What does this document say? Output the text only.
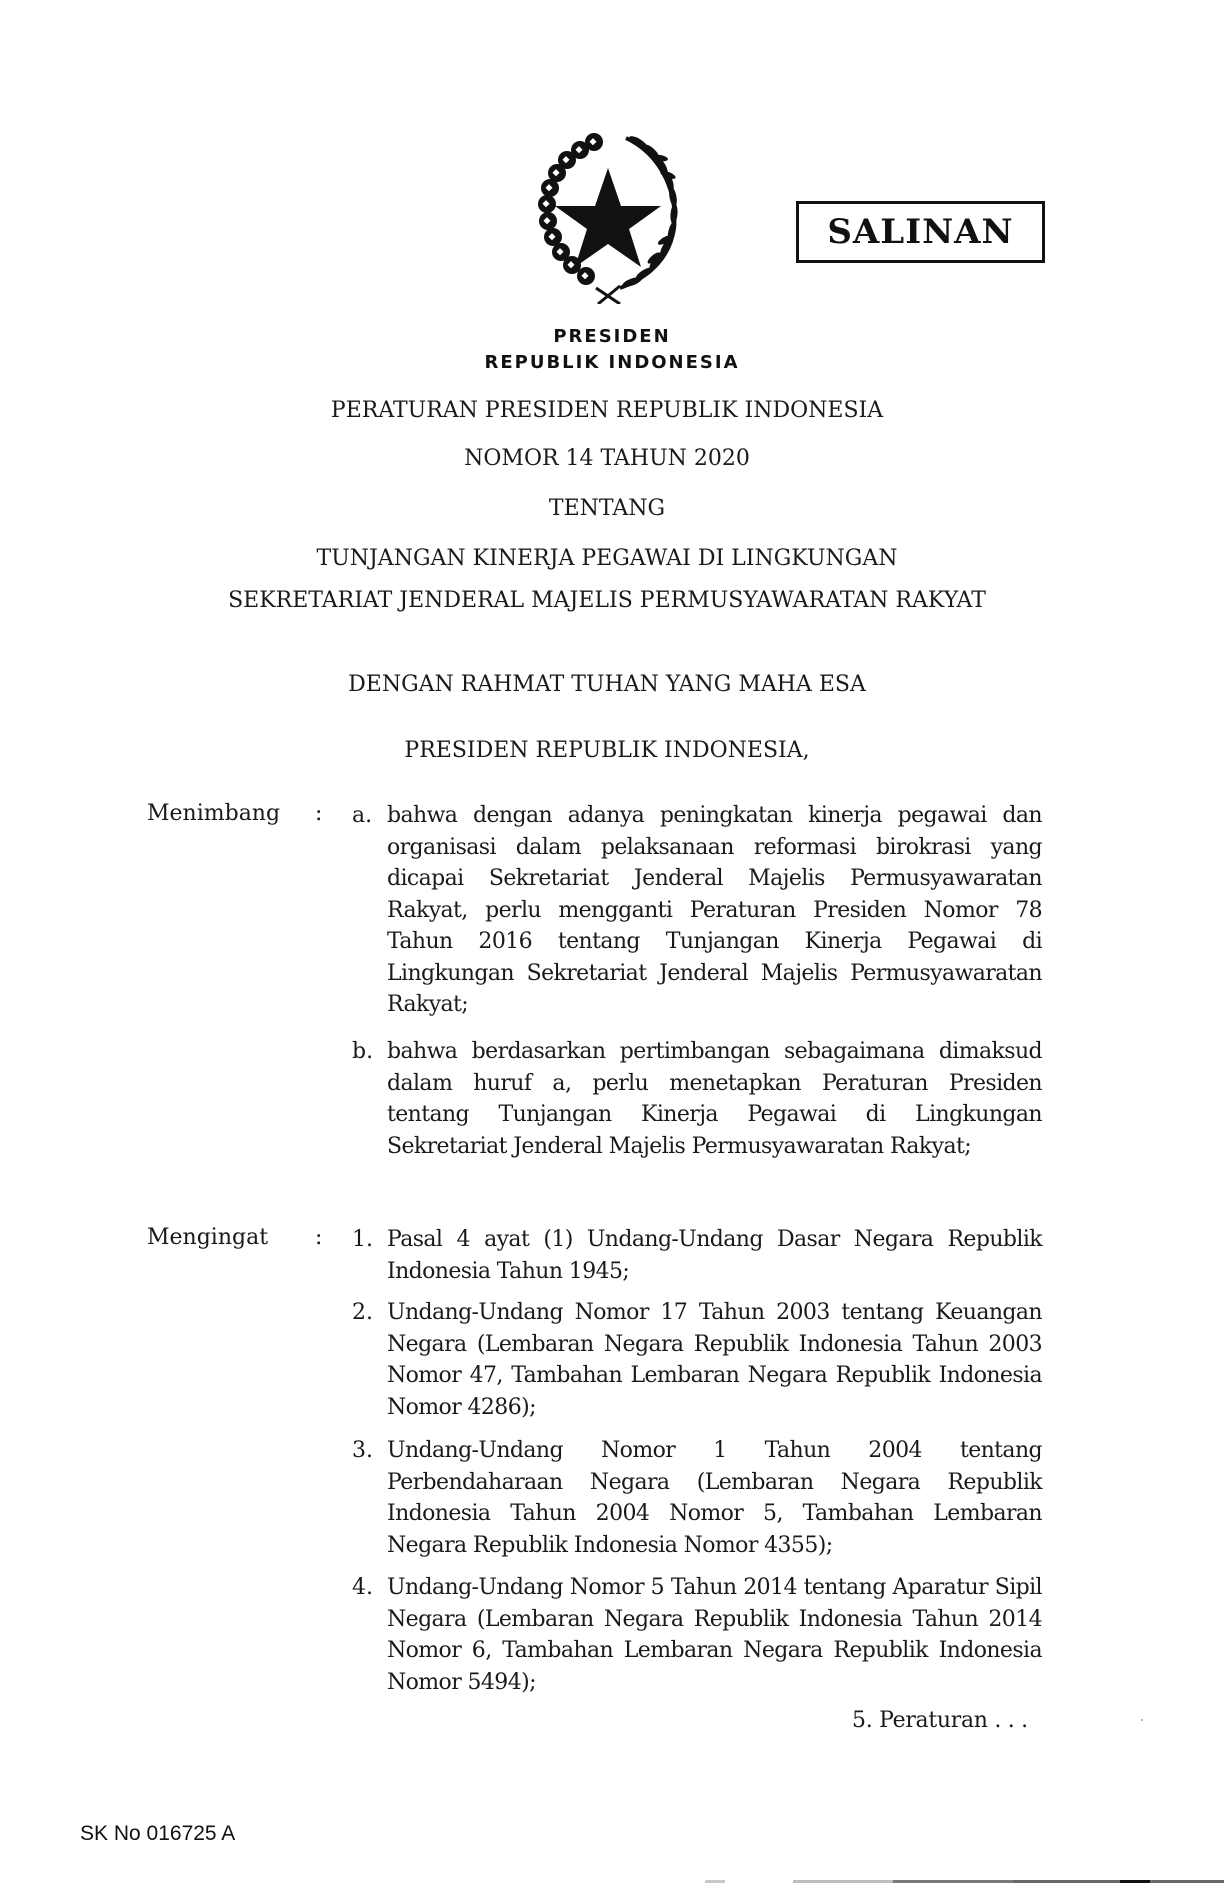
SALINAN
PRESIDEN
REPUBLIK INDONESIA
PERATURAN PRESIDEN REPUBLIK INDONESIA
NOMOR 14 TAHUN 2020
TENTANG
TUNJANGAN KINERJA PEGAWAI DI LINGKUNGAN
SEKRETARIAT JENDERAL MAJELIS PERMUSYAWARATAN RAKYAT
DENGAN RAHMAT TUHAN YANG MAHA ESA
PRESIDEN REPUBLIK INDONESIA,
Menimbang : a. bahwa dengan adanya peningkatan kinerja pegawai dan organisasi dalam pelaksanaan reformasi birokrasi yang dicapai Sekretariat Jenderal Majelis Permusyawaratan Rakyat, perlu mengganti Peraturan Presiden Nomor 78 Tahun 2016 tentang Tunjangan Kinerja Pegawai di Lingkungan Sekretariat Jenderal Majelis Permusyawaratan Rakyat;
b. bahwa berdasarkan pertimbangan sebagaimana dimaksud dalam huruf a, perlu menetapkan Peraturan Presiden tentang Tunjangan Kinerja Pegawai di Lingkungan Sekretariat Jenderal Majelis Permusyawaratan Rakyat;
Mengingat : 1. Pasal 4 ayat (1) Undang-Undang Dasar Negara Republik Indonesia Tahun 1945;
2. Undang-Undang Nomor 17 Tahun 2003 tentang Keuangan Negara (Lembaran Negara Republik Indonesia Tahun 2003 Nomor 47, Tambahan Lembaran Negara Republik Indonesia Nomor 4286);
3. Undang-Undang Nomor 1 Tahun 2004 tentang Perbendaharaan Negara (Lembaran Negara Republik Indonesia Tahun 2004 Nomor 5, Tambahan Lembaran Negara Republik Indonesia Nomor 4355);
4. Undang-Undang Nomor 5 Tahun 2014 tentang Aparatur Sipil Negara (Lembaran Negara Republik Indonesia Tahun 2014 Nomor 6, Tambahan Lembaran Negara Republik Indonesia Nomor 5494);
5. Peraturan . . .
SK No 016725 A
